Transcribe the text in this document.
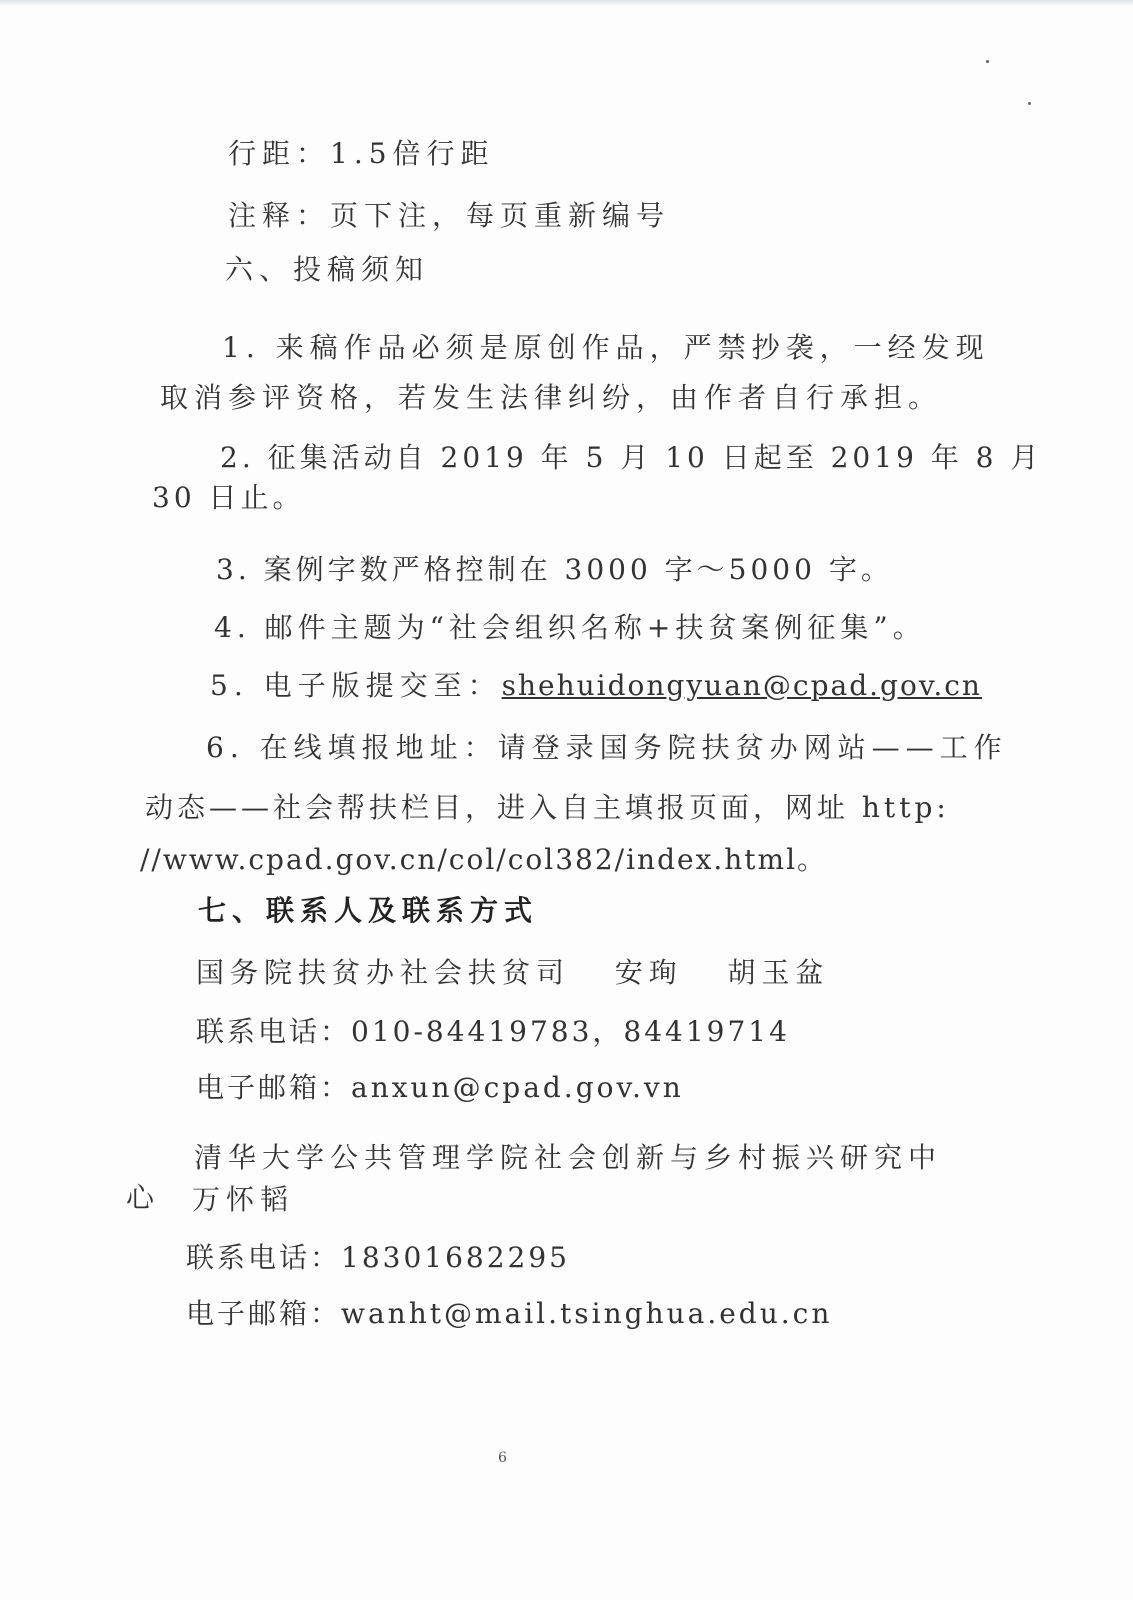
行距：1.5倍行距
注释：页下注，每页重新编号
六、投稿须知
1. 来稿作品必须是原创作品，严禁抄袭，一经发现
取消参评资格，若发生法律纠纷，由作者自行承担。
2. 征集活动自 2019 年 5 月 10 日起至 2019 年 8 月
30 日止。
3. 案例字数严格控制在 3000 字～5000 字。
4. 邮件主题为“社会组织名称+扶贫案例征集”。
5. 电子版提交至：shehuidongyuan@cpad.gov.cn
6. 在线填报地址：请登录国务院扶贫办网站——工作
动态——社会帮扶栏目，进入自主填报页面，网址 http:
//www.cpad.gov.cn/col/col382/index.html。
七、联系人及联系方式
国务院扶贫办社会扶贫司   安珣   胡玉盆
联系电话：010-84419783，84419714
电子邮箱：anxun@cpad.gov.vn
清华大学公共管理学院社会创新与乡村振兴研究中
心 万怀韬
联系电话：18301682295
电子邮箱：wanht@mail.tsinghua.edu.cn
6
